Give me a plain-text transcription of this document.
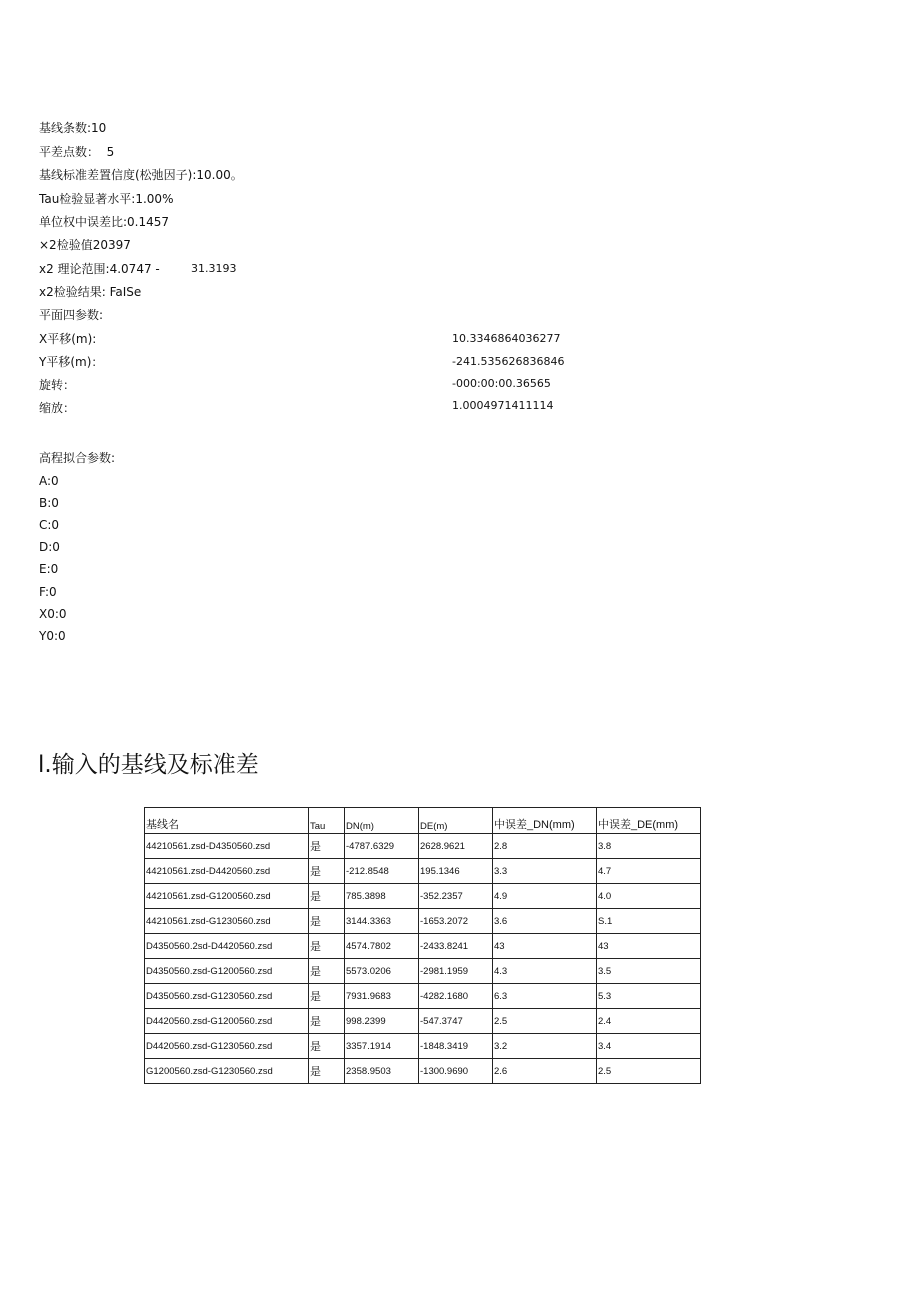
基线条数:10
平差点数：  5
基线标准差置信度(松弛因子):10.00。
Tau检验显著水平:1.00%
单位权中误差比:0.1457
×2检验值20397
x2 理论范围:4.0747 -	31.3193
x2检验结果: FaISe
平面四参数:
X平移(m):	10.3346864036277
Y平移(m)：	-241.535626836846
旋转：	-000:00:00.36565
缩放：	1.0004971411114
高程拟合参数:
A:0
B:0
C:0
D:0
E:0
F:0
X0:0
Y0:0
l.输入的基线及标准差
基线名	Tau	DN(m)	DE(m)	中误差_DN(mm)	中误差_DE(mm)
44210561.zsd-D4350560.zsd	是	-4787.6329	2628.9621	2.8	3.8
44210561.zsd-D4420560.zsd	是	-212.8548	195.1346	3.3	4.7
44210561.zsd-G1200560.zsd	是	785.3898	-352.2357	4.9	4.0
44210561.zsd-G1230560.zsd	是	3144.3363	-1653.2072	3.6	S.1
D4350560.2sd-D4420560.zsd	是	4574.7802	-2433.8241	43	43
D4350560.zsd-G1200560.zsd	是	5573.0206	-2981.1959	4.3	3.5
D4350560.zsd-G1230560.zsd	是	7931.9683	-4282.1680	6.3	5.3
D4420560.zsd-G1200560.zsd	是	998.2399	-547.3747	2.5	2.4
D4420560.zsd-G1230560.zsd	是	3357.1914	-1848.3419	3.2	3.4
G1200560.zsd-G1230560.zsd	是	2358.9503	-1300.9690	2.6	2.5
